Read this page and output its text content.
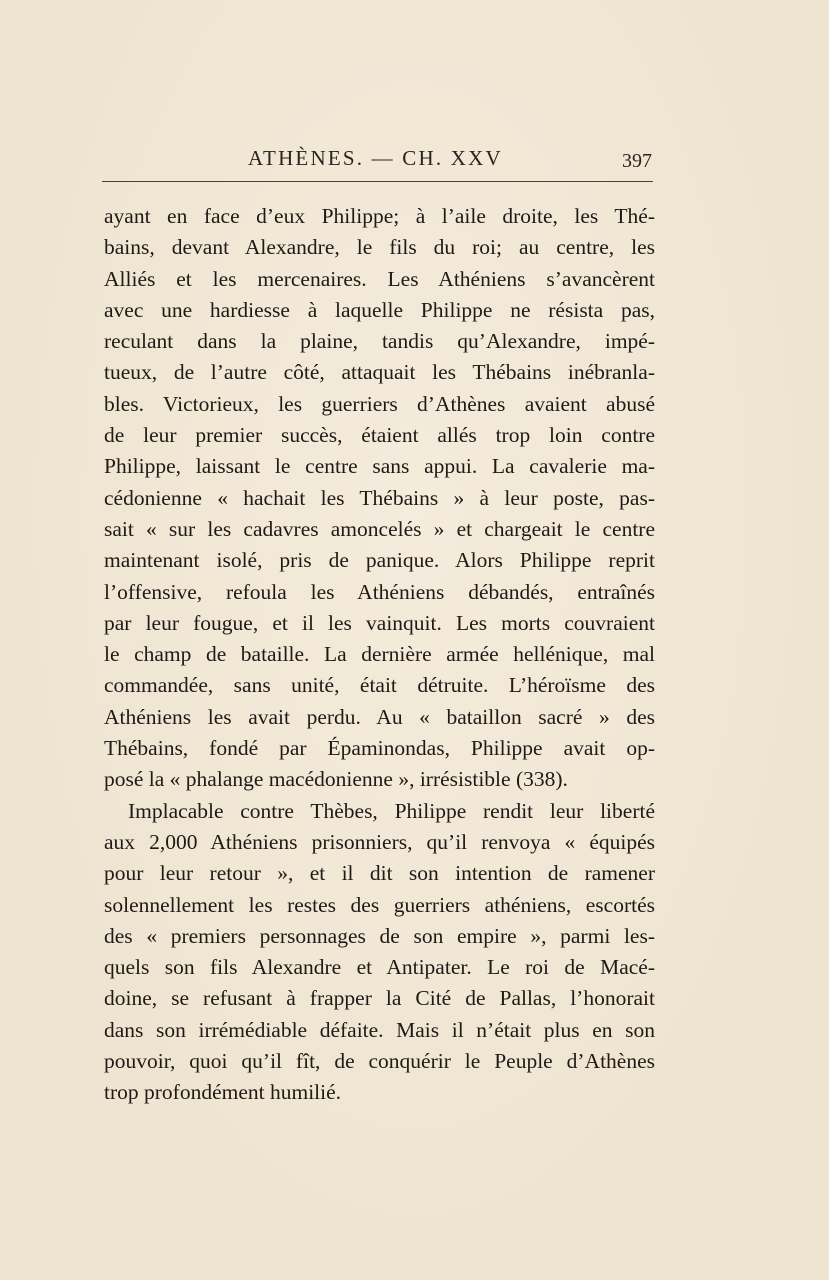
ATHÈNES. — CH. XXV	397
ayant en face d’eux Philippe; à l’aile droite, les Thé-
bains, devant Alexandre, le fils du roi; au centre, les
Alliés et les mercenaires. Les Athéniens s’avancèrent
avec une hardiesse à laquelle Philippe ne résista pas,
reculant dans la plaine, tandis qu’Alexandre, impé-
tueux, de l’autre côté, attaquait les Thébains inébranla-
bles. Victorieux, les guerriers d’Athènes avaient abusé
de leur premier succès, étaient allés trop loin contre
Philippe, laissant le centre sans appui. La cavalerie ma-
cédonienne « hachait les Thébains » à leur poste, pas-
sait « sur les cadavres amoncelés » et chargeait le centre
maintenant isolé, pris de panique. Alors Philippe reprit
l’offensive, refoula les Athéniens débandés, entraînés
par leur fougue, et il les vainquit. Les morts couvraient
le champ de bataille. La dernière armée hellénique, mal
commandée, sans unité, était détruite. L’héroïsme des
Athéniens les avait perdu. Au « bataillon sacré » des
Thébains, fondé par Épaminondas, Philippe avait op-
posé la « phalange macédonienne », irrésistible (338).
Implacable contre Thèbes, Philippe rendit leur liberté
aux 2,000 Athéniens prisonniers, qu’il renvoya « équipés
pour leur retour », et il dit son intention de ramener
solennellement les restes des guerriers athéniens, escortés
des « premiers personnages de son empire », parmi les-
quels son fils Alexandre et Antipater. Le roi de Macé-
doine, se refusant à frapper la Cité de Pallas, l’honorait
dans son irrémédiable défaite. Mais il n’était plus en son
pouvoir, quoi qu’il fît, de conquérir le Peuple d’Athènes
trop profondément humilié.
